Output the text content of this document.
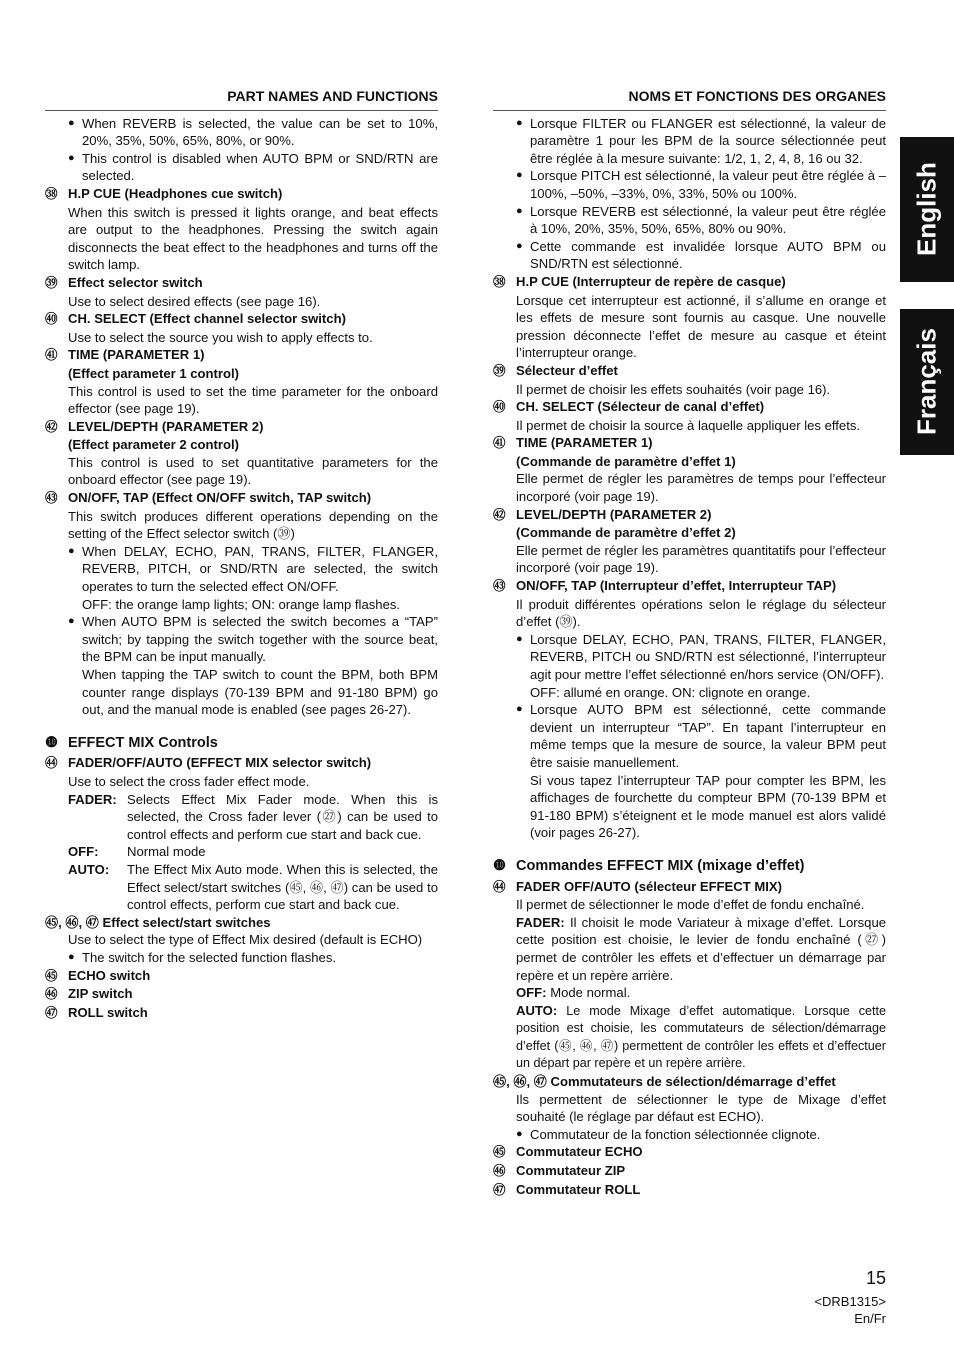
English
Français
PART NAMES AND FUNCTIONS

● When REVERB is selected, the value can be set to 10%, 20%, 35%, 50%, 65%, 80%, or 90%.

● This control is disabled when AUTO BPM or SND/RTN are selected.

㊳ H.P CUE (Headphones cue switch)

When this switch is pressed it lights orange, and beat effects are output to the headphones. Pressing the switch again disconnects the beat effect to the headphones and turns off the switch lamp.

㊴ Effect selector switch

Use to select desired effects (see page 16).

㊵ CH. SELECT (Effect channel selector switch)

Use to select the source you wish to apply effects to.

㊶ TIME (PARAMETER 1)
(Effect parameter 1 control)

This control is used to set the time parameter for the onboard effector (see page 19).

㊷ LEVEL/DEPTH (PARAMETER 2)
(Effect parameter 2 control)

This control is used to set quantitative parameters for the onboard effector (see page 19).

㊸ ON/OFF, TAP (Effect ON/OFF switch, TAP switch)

This switch produces different operations depending on the setting of the Effect selector switch (㊴)

● When DELAY, ECHO, PAN, TRANS, FILTER, FLANGER, REVERB, PITCH, or SND/RTN are selected, the switch operates to turn the selected effect ON/OFF.

OFF: the orange lamp lights; ON: orange lamp flashes.

● When AUTO BPM is selected the switch becomes a “TAP” switch; by tapping the switch together with the source beat, the BPM can be input manually.

When tapping the TAP switch to count the BPM, both BPM counter range displays (70-139 BPM and 91-180 BPM) go out, and the manual mode is enabled (see pages 26-27).

❿ EFFECT MIX Controls
㊹ FADER/OFF/AUTO (EFFECT MIX selector switch)

Use to select the cross fader effect mode.

FADER: Selects Effect Mix Fader mode. When this is selected, the Cross fader lever (㉗) can be used to control effects and perform cue start and back cue.
OFF:	Normal mode
AUTO:	The Effect Mix Auto mode. When this is selected, the Effect select/start switches (㊺, ㊻, ㊼) can be used to control effects, perform cue start and back cue.
㊺, ㊻, ㊼ Effect select/start switches

Use to select the type of Effect Mix desired (default is ECHO)

● The switch for the selected function flashes.

㊺ ECHO switch
㊻ ZIP switch
㊼ ROLL switch
NOMS ET FONCTIONS DES ORGANES

● Lorsque FILTER ou FLANGER est sélectionné, la valeur de paramètre 1 pour les BPM de la source sélectionnée peut être réglée à la mesure suivante: 1/2, 1, 2, 4, 8, 16 ou 32.

● Lorsque PITCH est sélectionné, la valeur peut être réglée à –100%, –50%, –33%, 0%, 33%, 50% ou 100%.

● Lorsque REVERB est sélectionné, la valeur peut être réglée à 10%, 20%, 35%, 50%, 65%, 80% ou 90%.

● Cette commande est invalidée lorsque AUTO BPM ou SND/RTN est sélectionné.

㊳ H.P CUE (Interrupteur de repère de casque)

Lorsque cet interrupteur est actionné, il s’allume en orange et les effets de mesure sont fournis au casque. Une nouvelle pression déconnecte l’effet de mesure au casque et éteint l’interrupteur orange.

㊴ Sélecteur d’effet

Il permet de choisir les effets souhaités (voir page 16).

㊵ CH. SELECT (Sélecteur de canal d’effet)

Il permet de choisir la source à laquelle appliquer les effets.

㊶ TIME (PARAMETER 1)
(Commande de paramètre d’effet 1)

Elle permet de régler les paramètres de temps pour l’effecteur incorporé (voir page 19).

㊷ LEVEL/DEPTH (PARAMETER 2)
(Commande de paramètre d’effet 2)

Elle permet de régler les paramètres quantitatifs pour l’effecteur incorporé (voir page 19).

㊸ ON/OFF, TAP (Interrupteur d’effet, Interrupteur TAP)

Il produit différentes opérations selon le réglage du sélecteur d’effet (㊴).

● Lorsque DELAY, ECHO, PAN, TRANS, FILTER, FLANGER, REVERB, PITCH ou SND/RTN est sélectionné, l’interrupteur agit pour mettre l’effet sélectionné en/hors service (ON/OFF).

OFF: allumé en orange. ON: clignote en orange.

● Lorsque AUTO BPM est sélectionné, cette commande devient un interrupteur “TAP”. En tapant l’interrupteur en même temps que la mesure de source, la valeur BPM peut être saisie manuellement.

Si vous tapez l’interrupteur TAP pour compter les BPM, les affichages de fourchette du compteur BPM (70-139 BPM et 91-180 BPM) s’éteignent et le mode manuel est alors validé (voir pages 26-27).

❿ Commandes EFFECT MIX (mixage d’effet)
㊹ FADER OFF/AUTO (sélecteur EFFECT MIX)

Il permet de sélectionner le mode d’effet de fondu enchaîné.

FADER: Il choisit le mode Variateur à mixage d’effet. Lorsque cette position est choisie, le levier de fondu enchaîné (㉗) permet de contrôler les effets et d’effectuer un démarrage par repère et un repère arrière.

OFF: Mode normal.

AUTO: Le mode Mixage d’effet automatique. Lorsque cette position est choisie, les commutateurs de sélection/démarrage d’effet (㊺, ㊻, ㊼) permettent de contrôler les effets et d’effectuer un départ par repère et un repère arrière.

㊺, ㊻, ㊼ Commutateurs de sélection/démarrage d’effet

Ils permettent de sélectionner le type de Mixage d’effet souhaité (le réglage par défaut est ECHO).

● Commutateur de la fonction sélectionnée clignote.

㊺ Commutateur ECHO
㊻ Commutateur ZIP
㊼ Commutateur ROLL
15
<DRB1315>
En/Fr
